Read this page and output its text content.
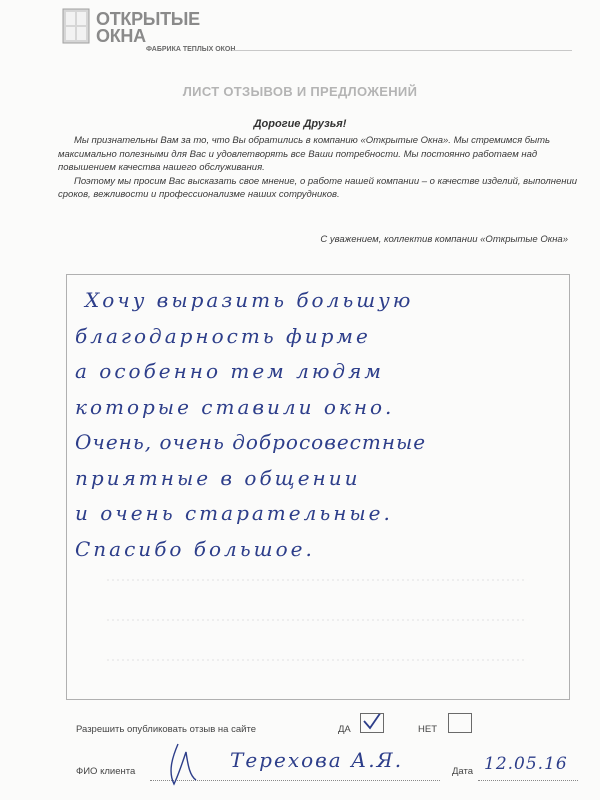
ОТКРЫТЫЕ
ОКНА
ФАБРИКА ТЕПЛЫХ ОКОН
ЛИСТ ОТЗЫВОВ И ПРЕДЛОЖЕНИЙ
Дорогие Друзья!

Мы признательны Вам за то, что Вы обратились в компанию «Открытые Окна». Мы стремимся быть максимально полезными для Вас и удовлетворять все Ваши потребности. Мы постоянно работаем над повышением качества нашего обслуживания.

Поэтому мы просим Вас высказать свое мнение, о работе нашей компании – о качестве изделий, выполнении сроков, вежливости и профессионализме наших сотрудников.

С уважением, коллектив компании «Открытые Окна»
Хочу выразить большую
благодарность фирме
а особенно тем людям
которые ставили окно.
Очень, очень добросовестные
приятные в общении
и очень старательные.
Спасибо большое.
Разрешить опубликовать отзыв на сайте	ДА	НЕТ
ФИО клиента	Терехова А.Я.	Дата 12.05.16
